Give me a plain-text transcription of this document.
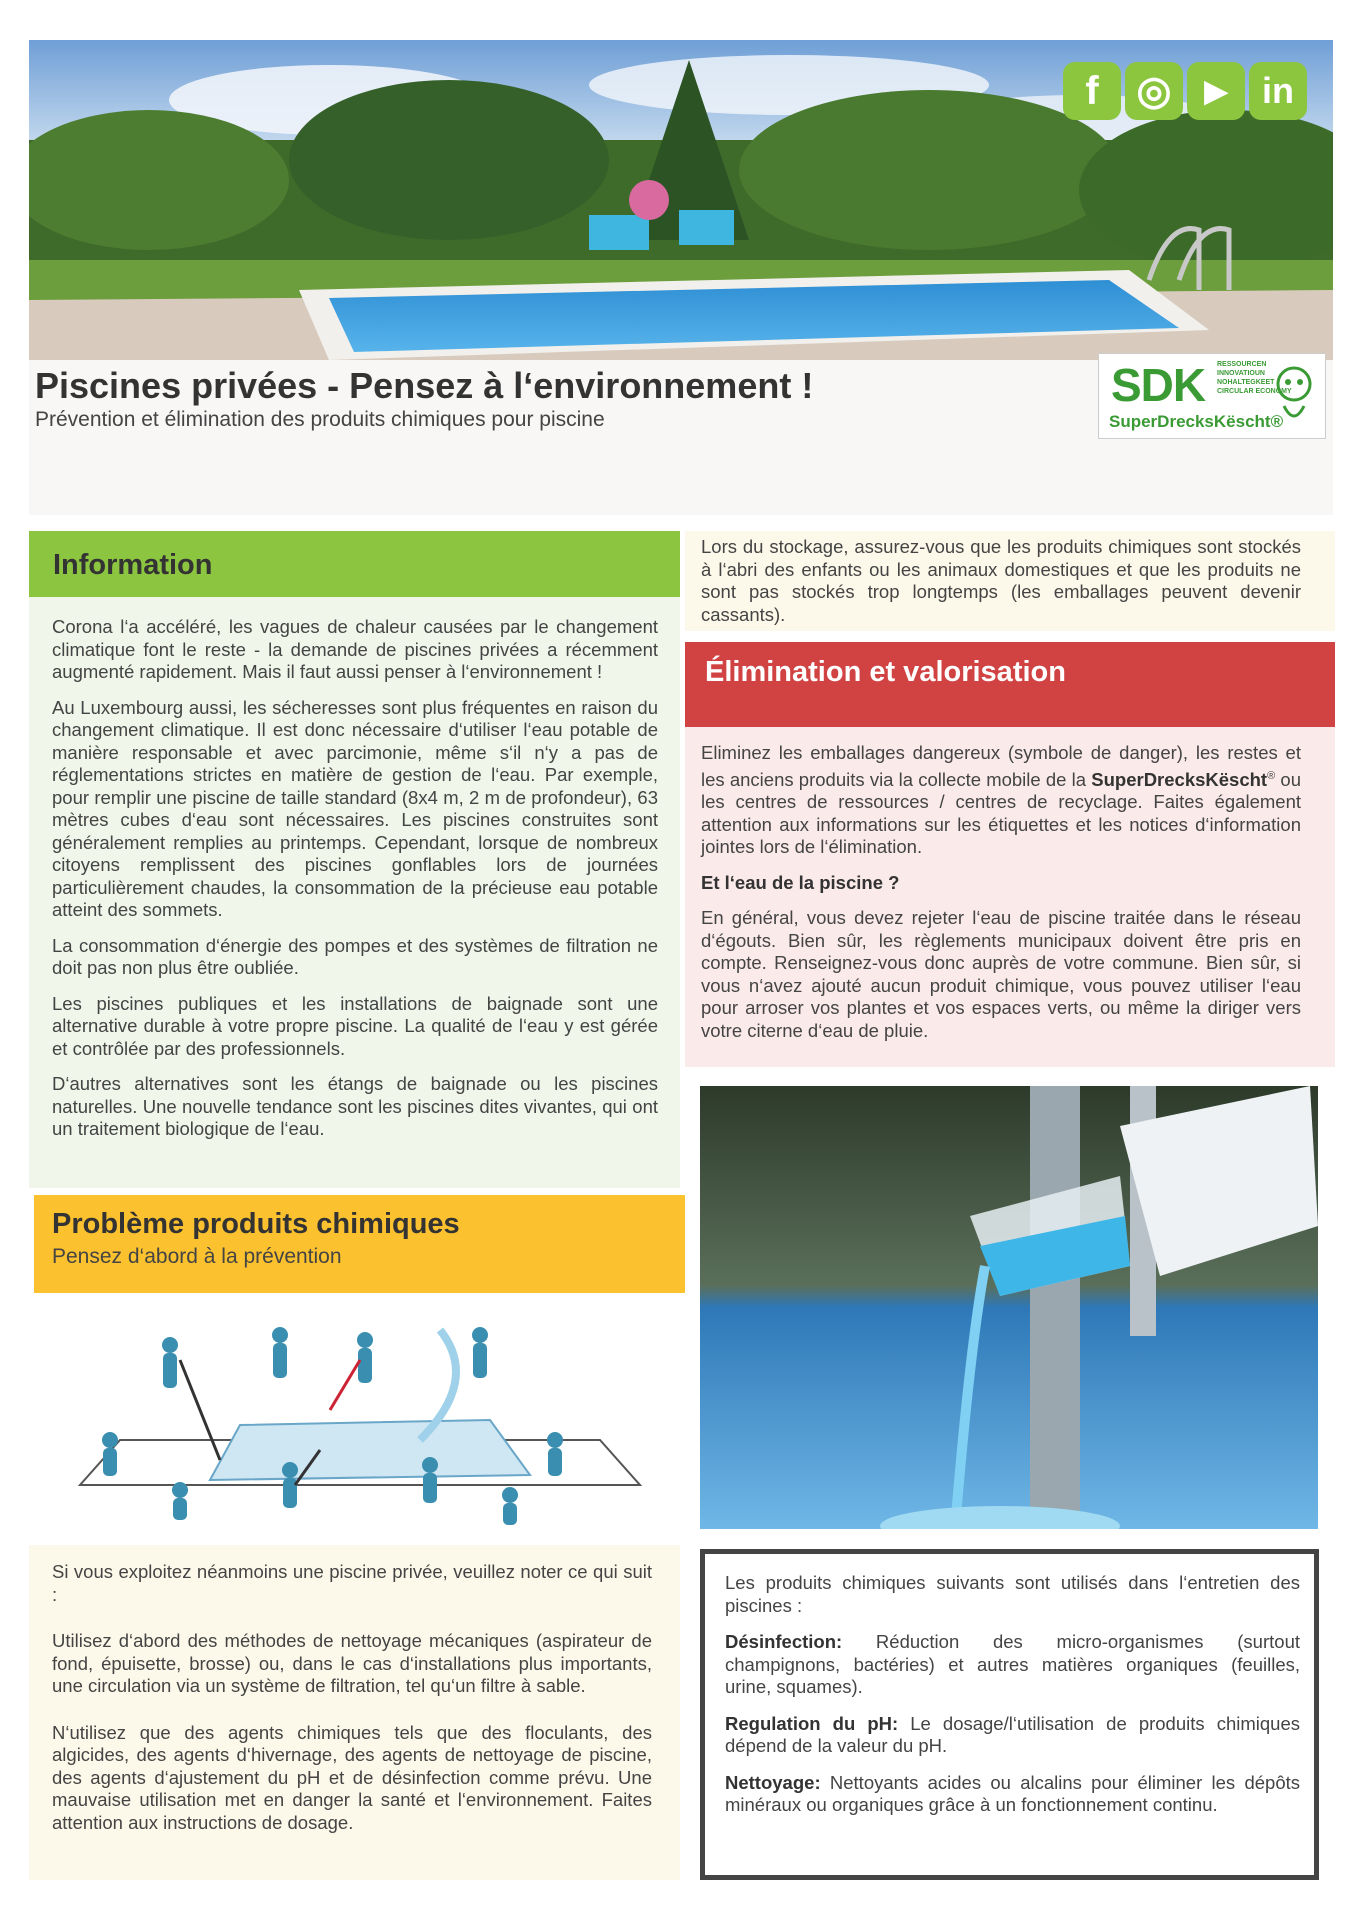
f ◎	▶ in
Piscines privées - Pensez à l‘environnement !
Prévention et élimination des produits chimiques pour piscine
SDK RESSOURCEN
INNOVATIOUN
NOHALTEGKEET
CIRCULAR ECONOMY
SuperDrecksKëscht®
Information

Corona l‘a accéléré, les vagues de chaleur causées par le changement climatique font le reste - la demande de piscines privées a récemment augmenté rapidement. Mais il faut aussi penser à l‘environnement !

Au Luxembourg aussi, les sécheresses sont plus fréquentes en raison du changement climatique. Il est donc nécessaire d‘utiliser l‘eau potable de manière responsable et avec parcimonie, même s‘il n‘y a pas de réglementations strictes en matière de gestion de l‘eau. Par exemple, pour remplir une piscine de taille standard (8x4 m, 2 m de profondeur), 63 mètres cubes d‘eau sont nécessaires. Les piscines construites sont généralement remplies au printemps. Cependant, lorsque de nombreux citoyens remplissent des piscines gonflables lors de journées particulièrement chaudes, la consommation de la précieuse eau potable atteint des sommets.

La consommation d‘énergie des pompes et des systèmes de filtration ne doit pas non plus être oubliée.

Les piscines publiques et les installations de baignade sont une alternative durable à votre propre piscine. La qualité de l‘eau y est gérée et contrôlée par des professionnels.

D‘autres alternatives sont les étangs de baignade ou les piscines naturelles. Une nouvelle tendance sont les piscines dites vivantes, qui ont un traitement biologique de l‘eau.

Lors du stockage, assurez-vous que les produits chimiques sont stockés à l‘abri des enfants ou les animaux domestiques et que les produits ne sont pas stockés trop longtemps (les emballages peuvent devenir cassants).

Élimination et valorisation

Eliminez les emballages dangereux (symbole de danger), les restes et les anciens produits via la collecte mobile de la SuperDrecksKëscht® ou les centres de ressources / centres de recyclage. Faites également attention aux informations sur les étiquettes et les notices d‘information jointes lors de l‘élimination.

Et l‘eau de la piscine ?

En général, vous devez rejeter l‘eau de piscine traitée dans le réseau d‘égouts. Bien sûr, les règlements municipaux doivent être pris en compte. Renseignez-vous donc auprès de votre commune. Bien sûr, si vous n‘avez ajouté aucun produit chimique, vous pouvez utiliser l‘eau pour arroser vos plantes et vos espaces verts, ou même la diriger vers votre citerne d‘eau de pluie.

Problème produits chimiques
Pensez d‘abord à la prévention

Si vous exploitez néanmoins une piscine privée, veuillez noter ce qui suit :

Utilisez d‘abord des méthodes de nettoyage mécaniques (aspirateur de fond, épuisette, brosse) ou, dans le cas d‘installations plus importants, une circulation via un système de filtration, tel qu‘un filtre à sable.

N‘utilisez que des agents chimiques tels que des floculants, des algicides, des agents d‘hivernage, des agents de nettoyage de piscine, des agents d‘ajustement du pH et de désinfection comme prévu. Une mauvaise utilisation met en danger la santé et l‘environnement. Faites attention aux instructions de dosage.

Les produits chimiques suivants sont utilisés dans l‘entretien des piscines :

Désinfection: Réduction des micro-organismes (surtout champignons, bactéries) et autres matières organiques (feuilles, urine, squames).

Regulation du pH: Le dosage/l‘utilisation de produits chimiques dépend de la valeur du pH.

Nettoyage: Nettoyants acides ou alcalins pour éliminer les dépôts minéraux ou organiques grâce à un fonctionnement continu.
